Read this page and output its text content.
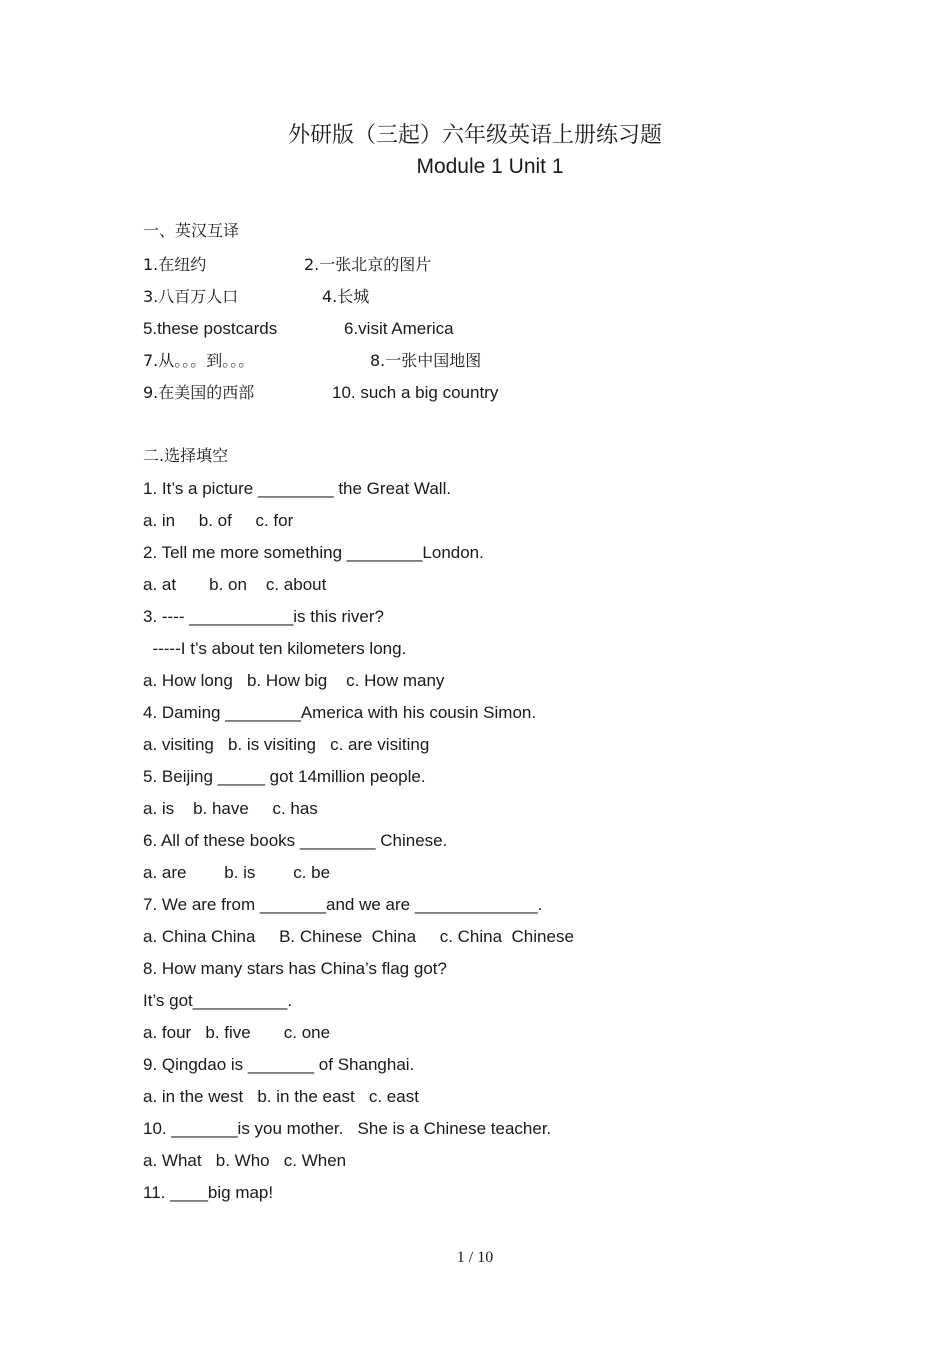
外研版（三起）六年级英语上册练习题
Module 1 Unit 1
一、英汉互译
1.在纽约	2.一张北京的图片
3.八百万人口	4.长城
5.these postcards	6.visit America
7.从。。。到。。。	8.一张中国地图
9.在美国的西部	10. such a big country
二.选择填空
1. It’s a picture ________ the Great Wall.
a. in     b. of     c. for
2. Tell me more something ________London.
a. at       b. on    c. about
3. ---- ___________is this river?
-----I t’s about ten kilometers long.
a. How long   b. How big    c. How many
4. Daming ________America with his cousin Simon.
a. visiting   b. is visiting   c. are visiting
5. Beijing _____ got 14million people.
a. is    b. have     c. has
6. All of these books ________ Chinese.
a. are        b. is        c. be
7. We are from _______and we are _____________.
a. China China     B. Chinese  China     c. China  Chinese
8. How many stars has China’s flag got?
It’s got__________.
a. four   b. five       c. one
9. Qingdao is _______ of Shanghai.
a. in the west   b. in the east   c. east
10. _______is you mother.   She is a Chinese teacher.
a. What   b. Who   c. When
11. ____big map!
1 / 10
